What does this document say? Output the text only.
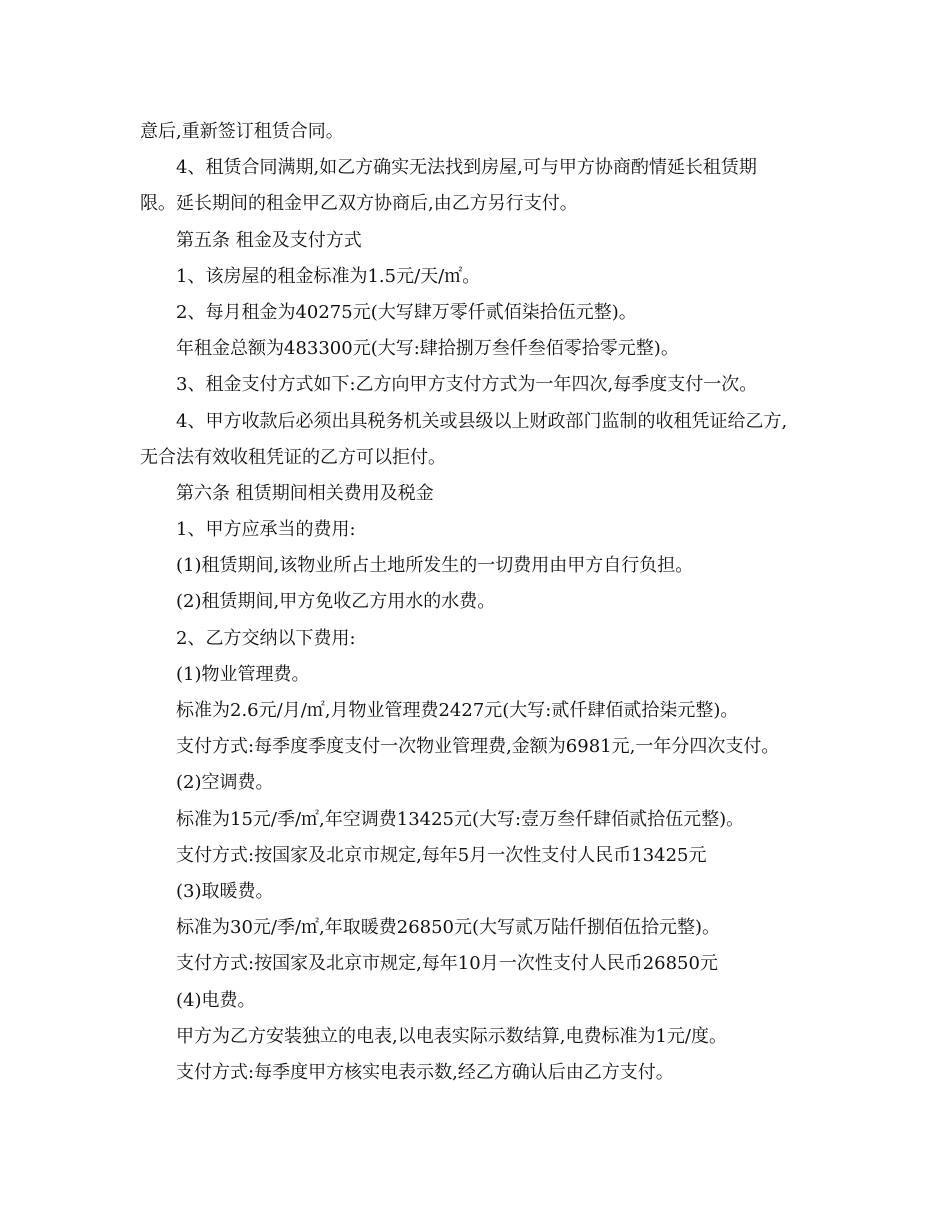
意后,重新签订租赁合同。
4、租赁合同满期,如乙方确实无法找到房屋,可与甲方协商酌情延长租赁期
限。延长期间的租金甲乙双方协商后,由乙方另行支付。
第五条 租金及支付方式
1、该房屋的租金标准为1.5元/天/㎡。
2、每月租金为40275元(大写肆万零仟贰佰柒拾伍元整)。
年租金总额为483300元(大写:肆拾捌万叁仟叁佰零拾零元整)。
3、租金支付方式如下:乙方向甲方支付方式为一年四次,每季度支付一次。
4、甲方收款后必须出具税务机关或县级以上财政部门监制的收租凭证给乙方,
无合法有效收租凭证的乙方可以拒付。
第六条 租赁期间相关费用及税金
1、甲方应承当的费用:
(1)租赁期间,该物业所占土地所发生的一切费用由甲方自行负担。
(2)租赁期间,甲方免收乙方用水的水费。
2、乙方交纳以下费用:
(1)物业管理费。
标准为2.6元/月/㎡,月物业管理费2427元(大写:贰仟肆佰贰拾柒元整)。
支付方式:每季度季度支付一次物业管理费,金额为6981元,一年分四次支付。
(2)空调费。
标准为15元/季/㎡,年空调费13425元(大写:壹万叁仟肆佰贰拾伍元整)。
支付方式:按国家及北京市规定,每年5月一次性支付人民币13425元
(3)取暖费。
标准为30元/季/㎡,年取暖费26850元(大写贰万陆仟捌佰伍拾元整)。
支付方式:按国家及北京市规定,每年10月一次性支付人民币26850元
(4)电费。
甲方为乙方安装独立的电表,以电表实际示数结算,电费标准为1元/度。
支付方式:每季度甲方核实电表示数,经乙方确认后由乙方支付。
